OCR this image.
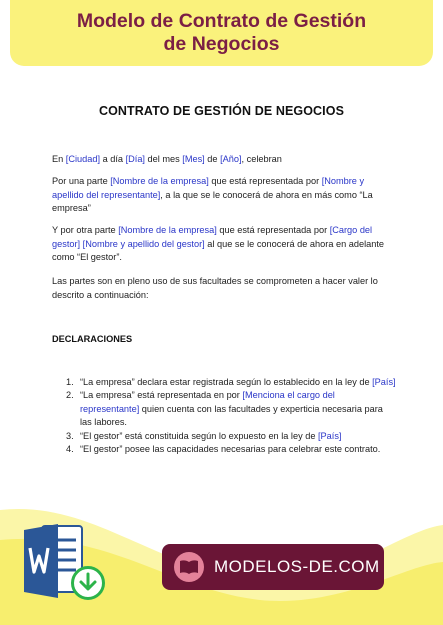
Modelo de Contrato de Gestión
de Negocios
CONTRATO DE GESTIÓN DE NEGOCIOS
En [Ciudad] a día [Día] del mes [Mes] de [Año], celebran
Por una parte [Nombre de la empresa] que está representada por [Nombre y apellido del representante], a la que se le conocerá de ahora en más como “La empresa”
Y por otra parte [Nombre de la empresa] que está representada por [Cargo del gestor] [Nombre y apellido del gestor] al que se le conocerá de ahora en adelante como “El gestor”.
Las partes son en pleno uso de sus facultades se comprometen a hacer valer lo descrito a continuación:
DECLARACIONES
1. “La empresa” declara estar registrada según lo establecido en la ley de [País]
2. “La empresa” está representada en por [Menciona el cargo del representante] quien cuenta con las facultades y experticia necesaria para las labores.
3. “El gestor” está constituida según lo expuesto en la ley de [País]
4. “El gestor” posee las capacidades necesarias para celebrar este contrato.
MODELOS-DE.COM
